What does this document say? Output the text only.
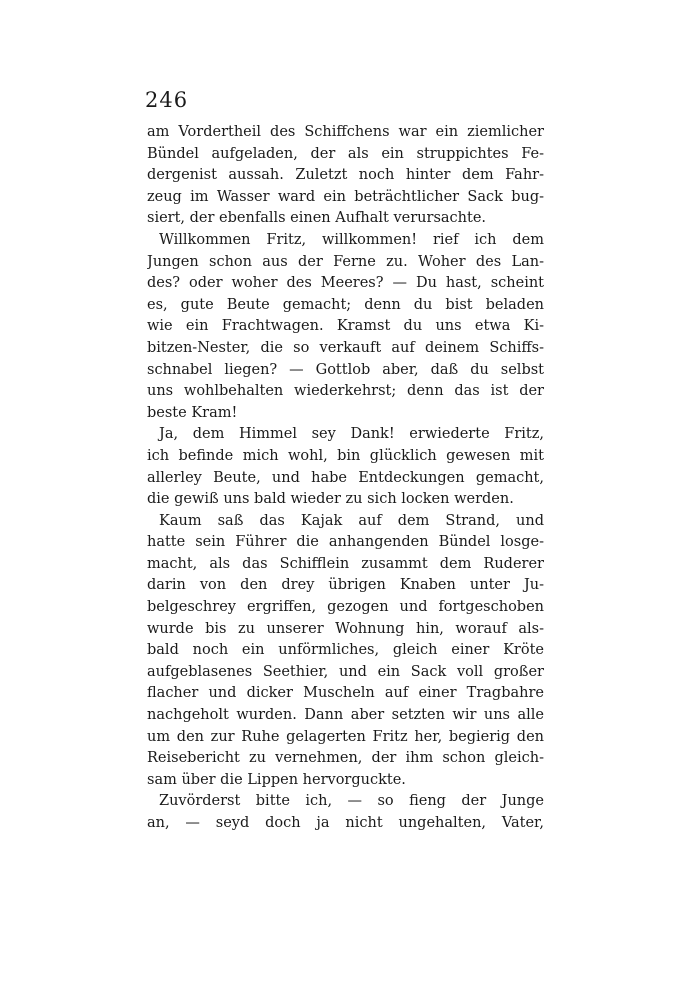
246
am Vordertheil des Schiffchens war ein ziemlicher
Bündel aufgeladen, der als ein struppichtes Fe-
dergenist aussah. Zuletzt noch hinter dem Fahr-
zeug im Wasser ward ein beträchtlicher Sack bug-
siert, der ebenfalls einen Aufhalt verursachte.
Willkommen Fritz, willkommen! rief ich dem
Jungen schon aus der Ferne zu. Woher des Lan-
des? oder woher des Meeres? — Du hast, scheint
es, gute Beute gemacht; denn du bist beladen
wie ein Frachtwagen. Kramst du uns etwa Ki-
bitzen-Nester, die so verkauft auf deinem Schiffs-
schnabel liegen? — Gottlob aber, daß du selbst
uns wohlbehalten wiederkehrst; denn das ist der
beste Kram!
Ja, dem Himmel sey Dank! erwiederte Fritz,
ich befinde mich wohl, bin glücklich gewesen mit
allerley Beute, und habe Entdeckungen gemacht,
die gewiß uns bald wieder zu sich locken werden.
Kaum saß das Kajak auf dem Strand, und
hatte sein Führer die anhangenden Bündel losge-
macht, als das Schifflein zusammt dem Ruderer
darin von den drey übrigen Knaben unter Ju-
belgeschrey ergriffen, gezogen und fortgeschoben
wurde bis zu unserer Wohnung hin, worauf als-
bald noch ein unförmliches, gleich einer Kröte
aufgeblasenes Seethier, und ein Sack voll großer
flacher und dicker Muscheln auf einer Tragbahre
nachgeholt wurden. Dann aber setzten wir uns alle
um den zur Ruhe gelagerten Fritz her, begierig den
Reisebericht zu vernehmen, der ihm schon gleich-
sam über die Lippen hervorguckte.
Zuvörderst bitte ich, — so fieng der Junge
an, — seyd doch ja nicht ungehalten, Vater,
